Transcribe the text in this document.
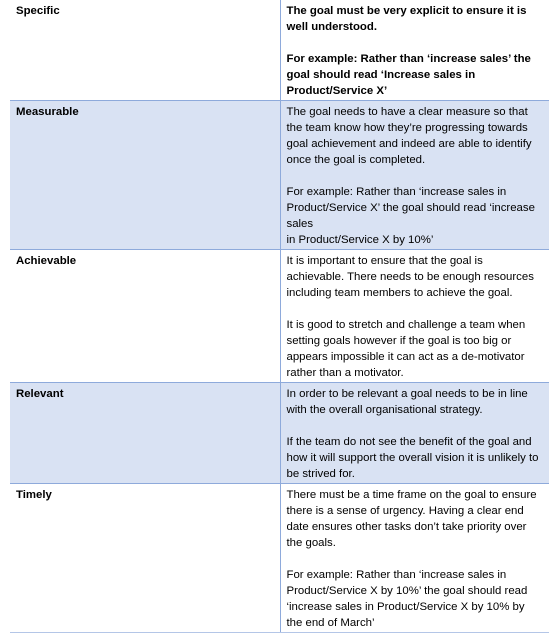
Specific	The goal must be very explicit to ensure it is well understood.
For example: Rather than ‘increase sales’ the goal should read ‘Increase sales in Product/Service X’

Measurable	The goal needs to have a clear measure so that the team know how they’re progressing towards goal achievement and indeed are able to identify once the goal is completed.
For example: Rather than ‘increase sales in Product/Service X’ the goal should read ‘increase sales
in Product/Service X by 10%’

Achievable	It is important to ensure that the goal is achievable. There needs to be enough resources including team members to achieve the goal.
It is good to stretch and challenge a team when setting goals however if the goal is too big or appears impossible it can act as a de-motivator rather than a motivator.

Relevant	In order to be relevant a goal needs to be in line with the overall organisational strategy.
If the team do not see the benefit of the goal and how it will support the overall vision it is unlikely to be strived for.

Timely	There must be a time frame on the goal to ensure there is a sense of urgency. Having a clear end date ensures other tasks don’t take priority over the goals.
For example: Rather than ‘increase sales in Product/Service X by 10%’ the goal should read ‘increase sales in Product/Service X by 10% by the end of March’
